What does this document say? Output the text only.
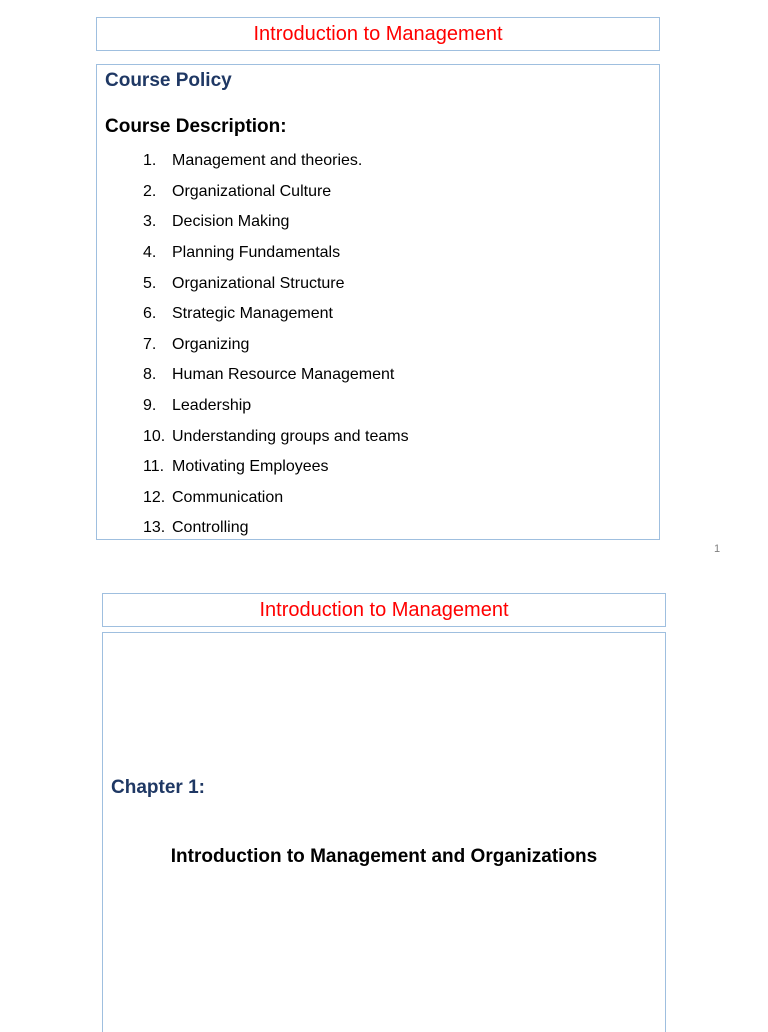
Introduction to Management
Course Policy
Course Description:
1. Management and theories.
2. Organizational Culture
3. Decision Making
4. Planning Fundamentals
5. Organizational Structure
6. Strategic Management
7. Organizing
8. Human Resource Management
9. Leadership
10. Understanding groups and teams
11. Motivating Employees
12. Communication
13. Controlling
1
Introduction to Management
Chapter 1:
Introduction to Management and Organizations
